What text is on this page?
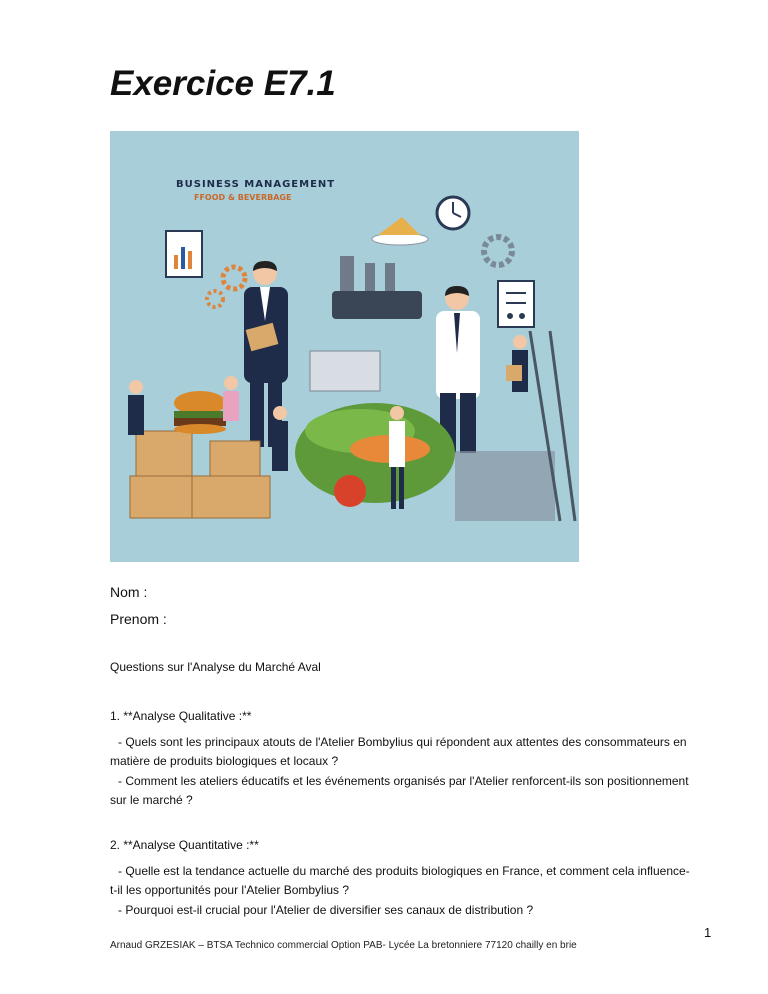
Exercice E7.1
BUSINESS MANAGEMENT
FFOOD & BEVERBAGE
Nom :
Prenom :
Questions sur l'Analyse du Marché Aval
1. **Analyse Qualitative :**
- Quels sont les principaux atouts de l'Atelier Bombylius qui répondent aux attentes des consommateurs en matière de produits biologiques et locaux ?
- Comment les ateliers éducatifs et les événements organisés par l'Atelier renforcent-ils son positionnement sur le marché ?
2. **Analyse Quantitative :**
- Quelle est la tendance actuelle du marché des produits biologiques en France, et comment cela influence-t-il les opportunités pour l'Atelier Bombylius ?
- Pourquoi est-il crucial pour l'Atelier de diversifier ses canaux de distribution ?
1
Arnaud GRZESIAK – BTSA Technico commercial Option PAB- Lycée La bretonniere 77120 chailly en brie
